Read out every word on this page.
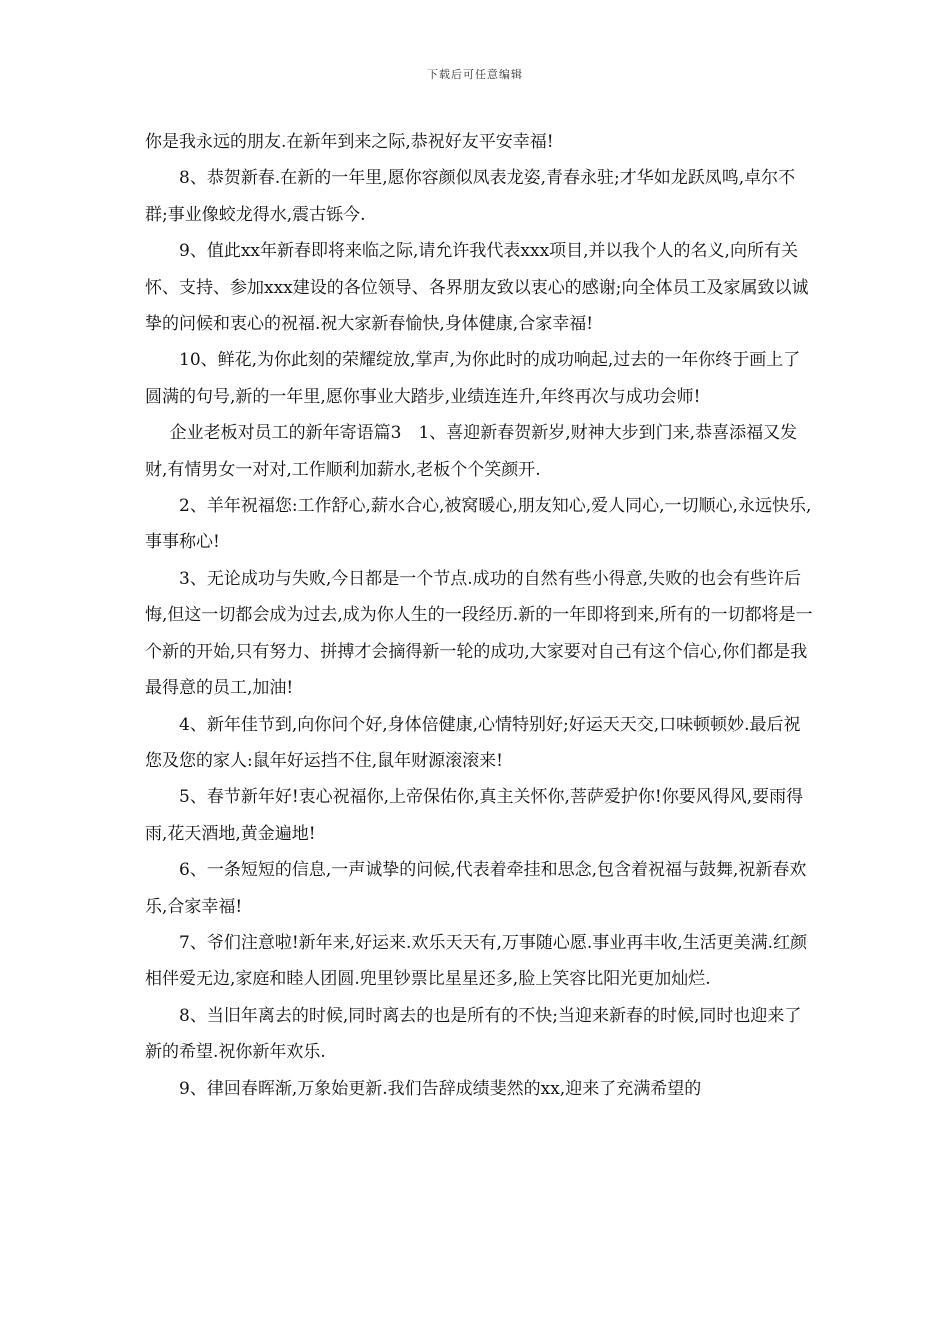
下载后可任意编辑

你是我永远的朋友.在新年到来之际,恭祝好友平安幸福!

8、恭贺新春.在新的一年里,愿你容颜似凤表龙姿,青春永驻;才华如龙跃凤鸣,卓尔不群;事业像蛟龙得水,震古铄今.

9、值此xx年新春即将来临之际,请允许我代表xxx项目,并以我个人的名义,向所有关怀、支持、参加xxx建设的各位领导、各界朋友致以衷心的感谢;向全体员工及家属致以诚挚的问候和衷心的祝福.祝大家新春愉快,身体健康,合家幸福!

10、鲜花,为你此刻的荣耀绽放,掌声,为你此时的成功响起,过去的一年你终于画上了圆满的句号,新的一年里,愿你事业大踏步,业绩连连升,年终再次与成功会师!

企业老板对员工的新年寄语篇3　1、喜迎新春贺新岁,财神大步到门来,恭喜添福又发财,有情男女一对对,工作顺利加薪水,老板个个笑颜开.

2、羊年祝福您:工作舒心,薪水合心,被窝暖心,朋友知心,爱人同心,一切顺心,永远快乐,事事称心!

3、无论成功与失败,今日都是一个节点.成功的自然有些小得意,失败的也会有些许后悔,但这一切都会成为过去,成为你人生的一段经历.新的一年即将到来,所有的一切都将是一个新的开始,只有努力、拼搏才会摘得新一轮的成功,大家要对自己有这个信心,你们都是我最得意的员工,加油!

4、新年佳节到,向你问个好,身体倍健康,心情特别好;好运天天交,口味顿顿妙.最后祝您及您的家人:鼠年好运挡不住,鼠年财源滚滚来!

5、春节新年好!衷心祝福你,上帝保佑你,真主关怀你,菩萨爱护你!你要风得风,要雨得雨,花天酒地,黄金遍地!

6、一条短短的信息,一声诚挚的问候,代表着牵挂和思念,包含着祝福与鼓舞,祝新春欢乐,合家幸福!

7、爷们注意啦!新年来,好运来.欢乐天天有,万事随心愿.事业再丰收,生活更美满.红颜相伴爱无边,家庭和睦人团圆.兜里钞票比星星还多,脸上笑容比阳光更加灿烂.

8、当旧年离去的时候,同时离去的也是所有的不快;当迎来新春的时候,同时也迎来了新的希望.祝你新年欢乐.

9、律回春晖渐,万象始更新.我们告辞成绩斐然的xx,迎来了充满希望的
